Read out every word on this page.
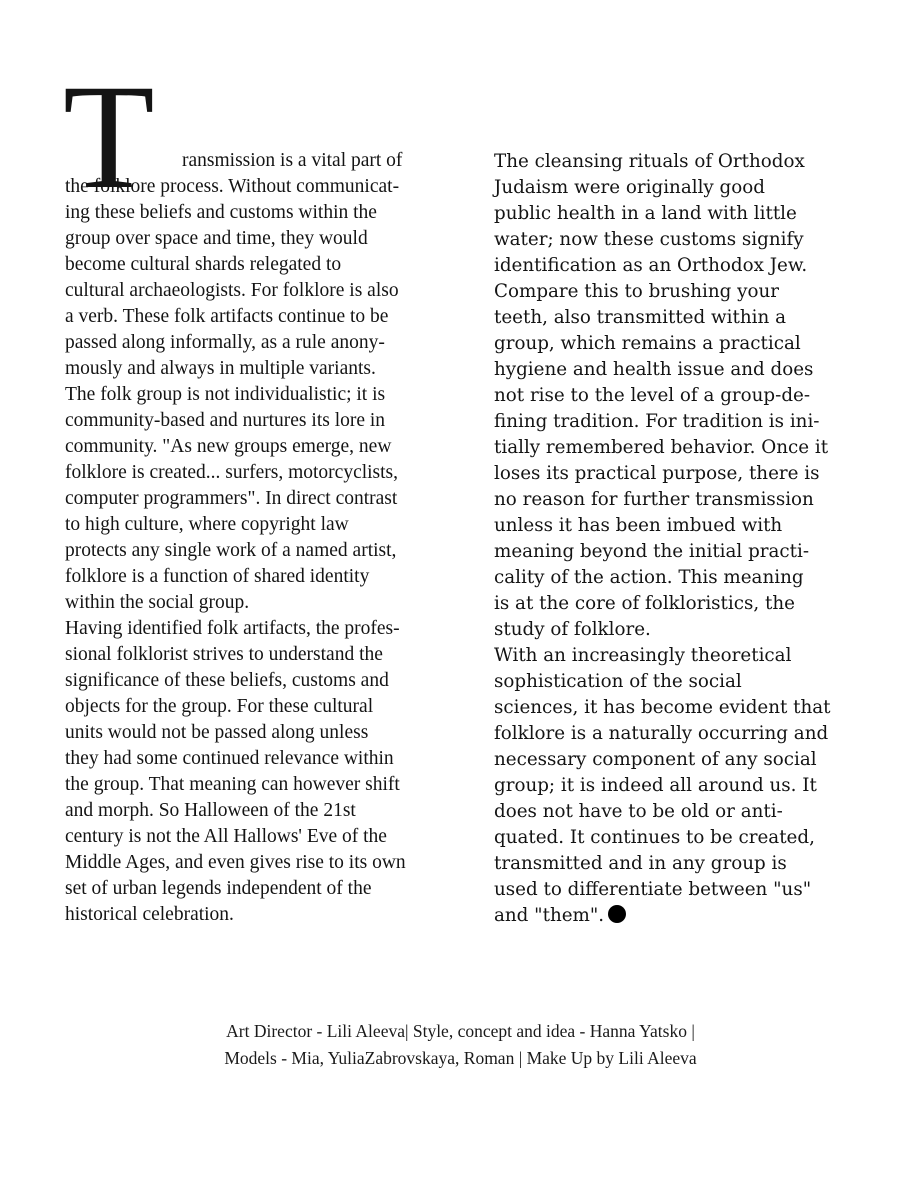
T ransmission is a vital part of
the folklore process. Without communicat-
ing these beliefs and customs within the
group over space and time, they would
become cultural shards relegated to
cultural archaeologists. For folklore is also
a verb. These folk artifacts continue to be
passed along informally, as a rule anony-
mously and always in multiple variants.
The folk group is not individualistic; it is
community-based and nurtures its lore in
community. "As new groups emerge, new
folklore is created... surfers, motorcyclists,
computer programmers". In direct contrast
to high culture, where copyright law
protects any single work of a named artist,
folklore is a function of shared identity
within the social group.
Having identified folk artifacts, the profes-
sional folklorist strives to understand the
significance of these beliefs, customs and
objects for the group. For these cultural
units would not be passed along unless
they had some continued relevance within
the group. That meaning can however shift
and morph. So Halloween of the 21st
century is not the All Hallows' Eve of the
Middle Ages, and even gives rise to its own
set of urban legends independent of the
historical celebration.
The cleansing rituals of Orthodox
Judaism were originally good
public health in a land with little
water; now these customs signify
identification as an Orthodox Jew.
Compare this to brushing your
teeth, also transmitted within a
group, which remains a practical
hygiene and health issue and does
not rise to the level of a group-de-
fining tradition. For tradition is ini-
tially remembered behavior. Once it
loses its practical purpose, there is
no reason for further transmission
unless it has been imbued with
meaning beyond the initial practi-
cality of the action. This meaning
is at the core of folkloristics, the
study of folklore.
With an increasingly theoretical
sophistication of the social
sciences, it has become evident that
folklore is a naturally occurring and
necessary component of any social
group; it is indeed all around us. It
does not have to be old or anti-
quated. It continues to be created,
transmitted and in any group is
used to differentiate between "us"
and "them".
Art Director - Lili Aleeva| Style, concept and idea - Hanna Yatsko |
Models - Mia, YuliaZabrovskaya, Roman | Make Up by Lili Aleeva
